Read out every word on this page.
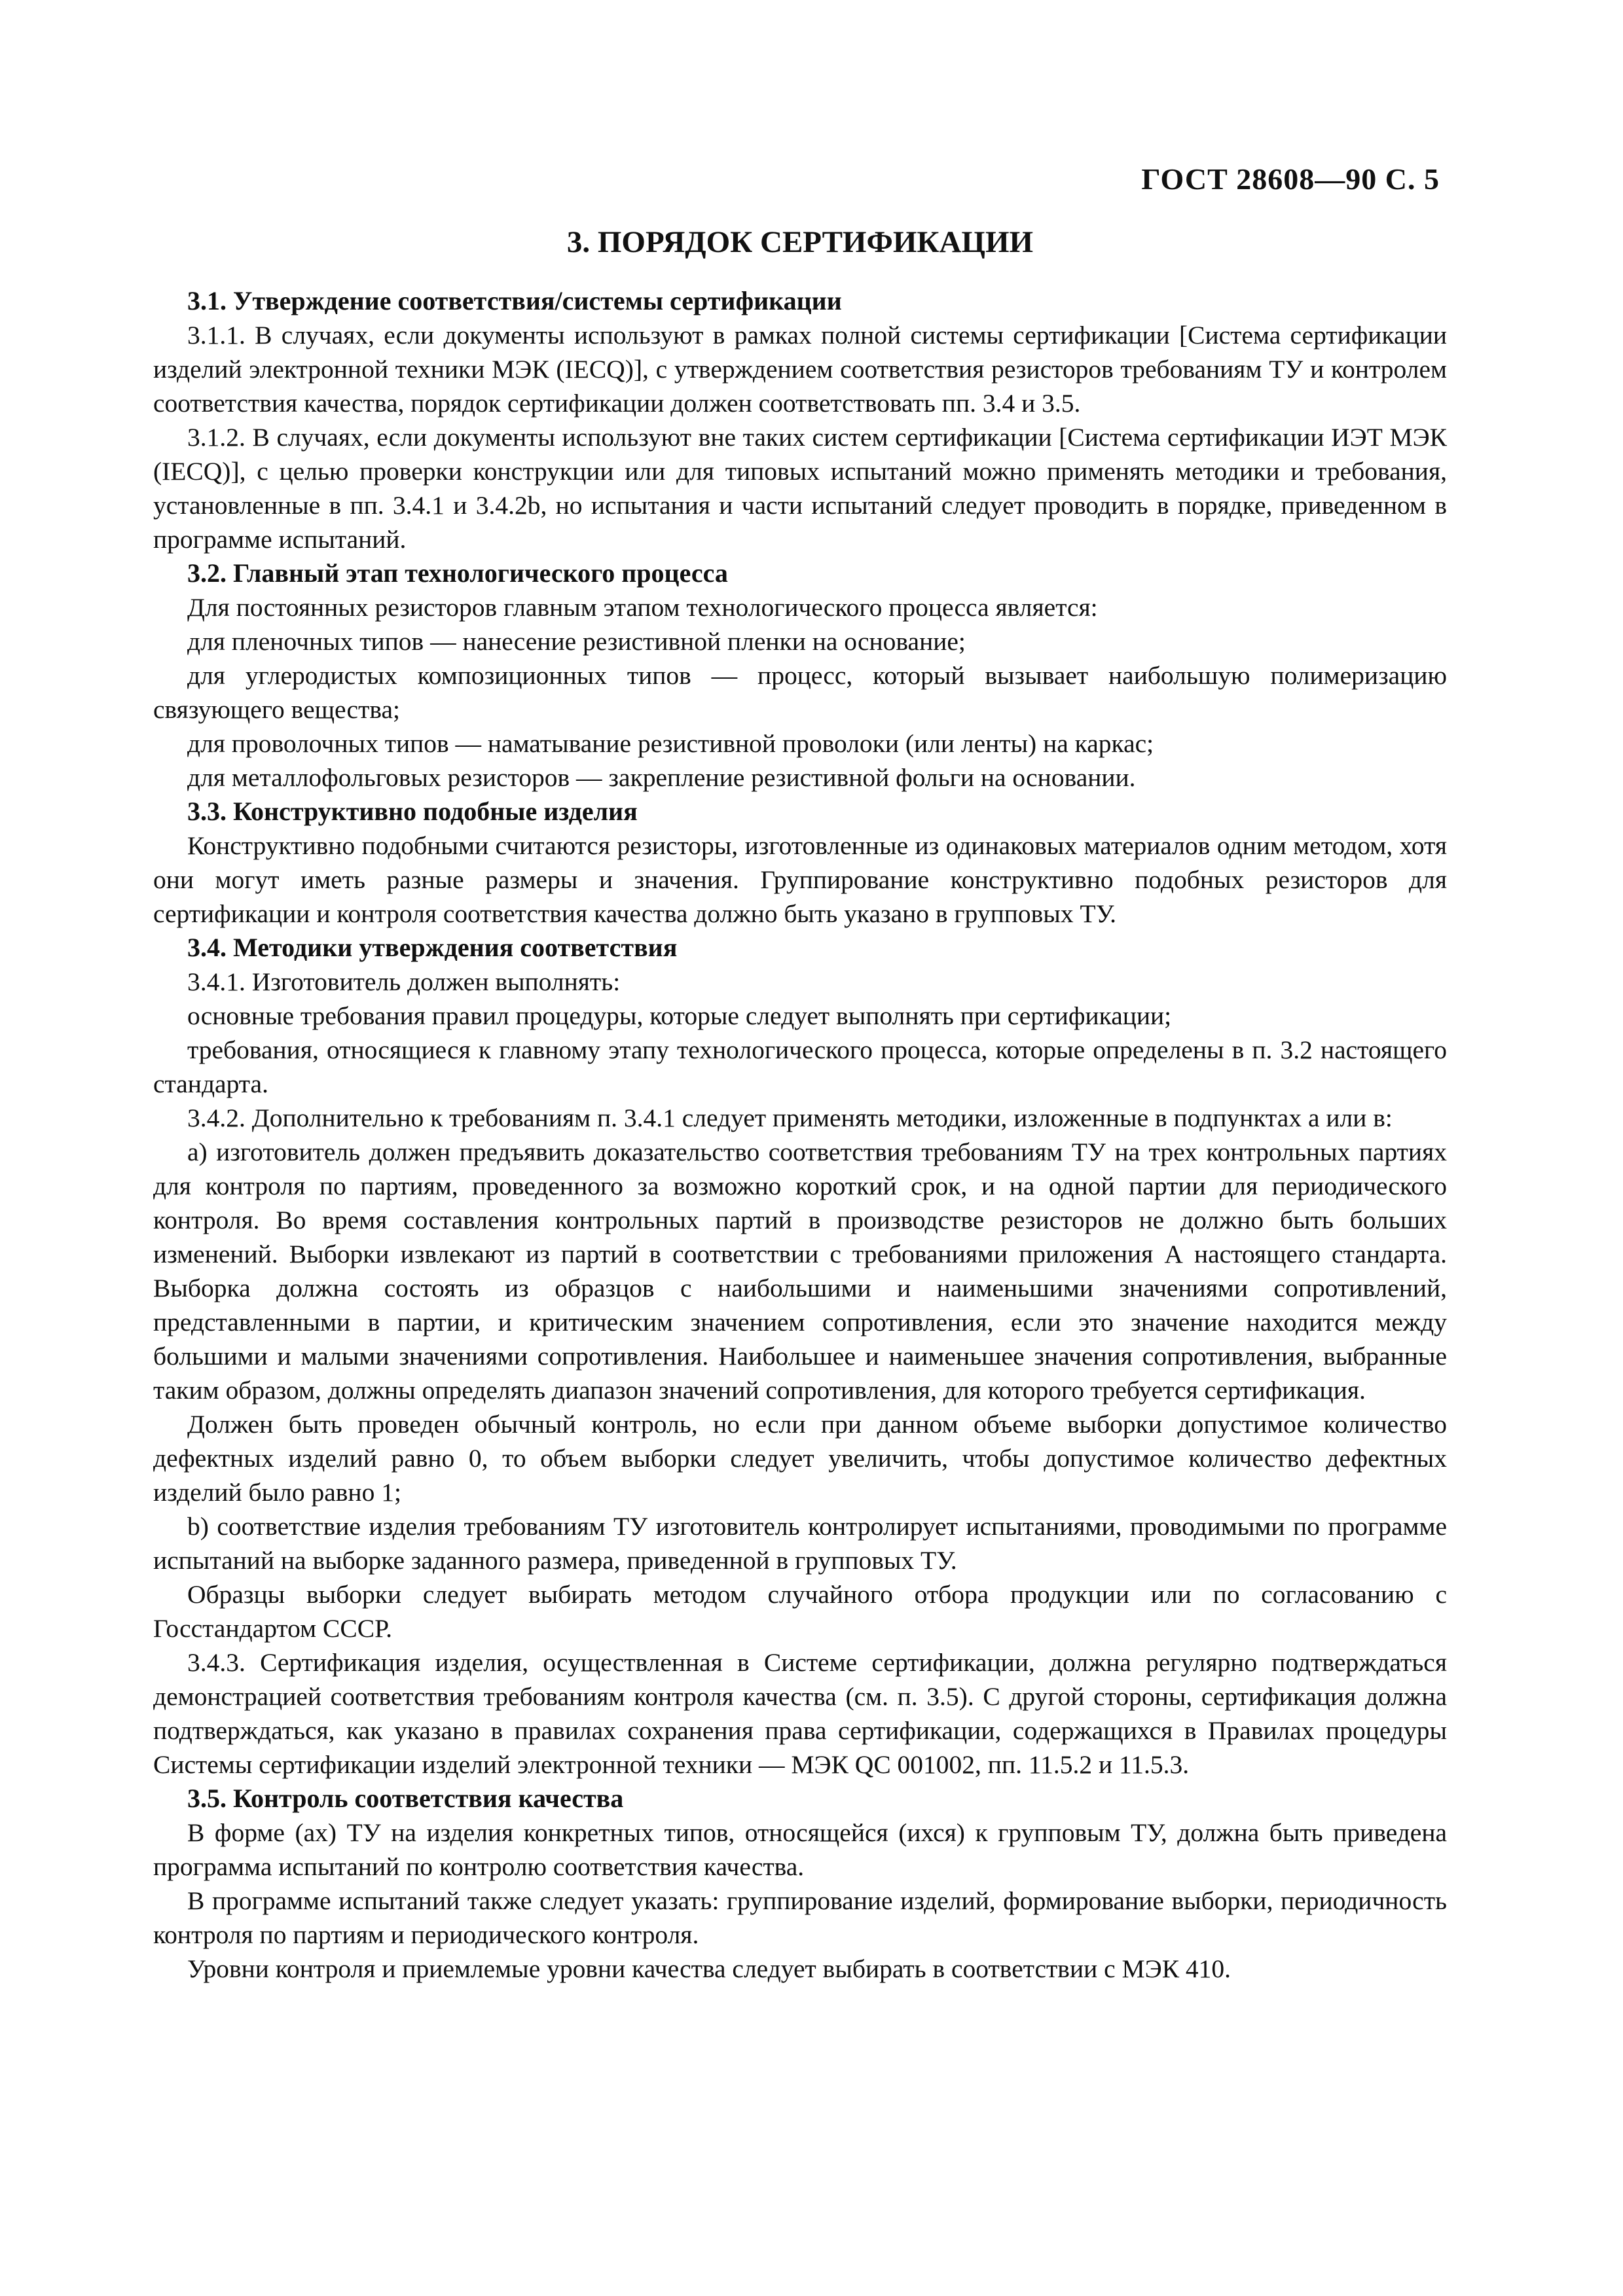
ГОСТ 28608—90 С. 5
3. ПОРЯДОК СЕРТИФИКАЦИИ
3.1. Утверждение соответствия/системы сертификации
3.1.1. В случаях, если документы используют в рамках полной системы сертификации [Система сертификации изделий электронной техники МЭК (IECQ)], с утверждением соответствия резисторов требованиям ТУ и контролем соответствия качества, порядок сертификации должен соответствовать пп. 3.4 и 3.5.
3.1.2. В случаях, если документы используют вне таких систем сертификации [Система сертификации ИЭТ МЭК (IECQ)], с целью проверки конструкции или для типовых испытаний можно применять методики и требования, установленные в пп. 3.4.1 и 3.4.2b, но испытания и части испытаний следует проводить в порядке, приведенном в программе испытаний.
3.2. Главный этап технологического процесса
Для постоянных резисторов главным этапом технологического процесса является:
для пленочных типов — нанесение резистивной пленки на основание;
для углеродистых композиционных типов — процесс, который вызывает наибольшую полимеризацию связующего вещества;
для проволочных типов — наматывание резистивной проволоки (или ленты) на каркас;
для металлофольговых резисторов — закрепление резистивной фольги на основании.
3.3. Конструктивно подобные изделия
Конструктивно подобными считаются резисторы, изготовленные из одинаковых материалов одним методом, хотя они могут иметь разные размеры и значения. Группирование конструктивно подобных резисторов для сертификации и контроля соответствия качества должно быть указано в групповых ТУ.
3.4. Методики утверждения соответствия
3.4.1. Изготовитель должен выполнять:
основные требования правил процедуры, которые следует выполнять при сертификации;
требования, относящиеся к главному этапу технологического процесса, которые определены в п. 3.2 настоящего стандарта.
3.4.2. Дополнительно к требованиям п. 3.4.1 следует применять методики, изложенные в подпунктах а или в:
а) изготовитель должен предъявить доказательство соответствия требованиям ТУ на трех контрольных партиях для контроля по партиям, проведенного за возможно короткий срок, и на одной партии для периодического контроля. Во время составления контрольных партий в производстве резисторов не должно быть больших изменений. Выборки извлекают из партий в соответствии с требованиями приложения А настоящего стандарта. Выборка должна состоять из образцов с наибольшими и наименьшими значениями сопротивлений, представленными в партии, и критическим значением сопротивления, если это значение находится между большими и малыми значениями сопротивления. Наибольшее и наименьшее значения сопротивления, выбранные таким образом, должны определять диапазон значений сопротивления, для которого требуется сертификация.
Должен быть проведен обычный контроль, но если при данном объеме выборки допустимое количество дефектных изделий равно 0, то объем выборки следует увеличить, чтобы допустимое количество дефектных изделий было равно 1;
b) соответствие изделия требованиям ТУ изготовитель контролирует испытаниями, проводимыми по программе испытаний на выборке заданного размера, приведенной в групповых ТУ.
Образцы выборки следует выбирать методом случайного отбора продукции или по согласованию с Госстандартом СССР.
3.4.3. Сертификация изделия, осуществленная в Системе сертификации, должна регулярно подтверждаться демонстрацией соответствия требованиям контроля качества (см. п. 3.5). С другой стороны, сертификация должна подтверждаться, как указано в правилах сохранения права сертификации, содержащихся в Правилах процедуры Системы сертификации изделий электронной техники — МЭК QC 001002, пп. 11.5.2 и 11.5.3.
3.5. Контроль соответствия качества
В форме (ах) ТУ на изделия конкретных типов, относящейся (ихся) к групповым ТУ, должна быть приведена программа испытаний по контролю соответствия качества.
В программе испытаний также следует указать: группирование изделий, формирование выборки, периодичность контроля по партиям и периодического контроля.
Уровни контроля и приемлемые уровни качества следует выбирать в соответствии с МЭК 410.
